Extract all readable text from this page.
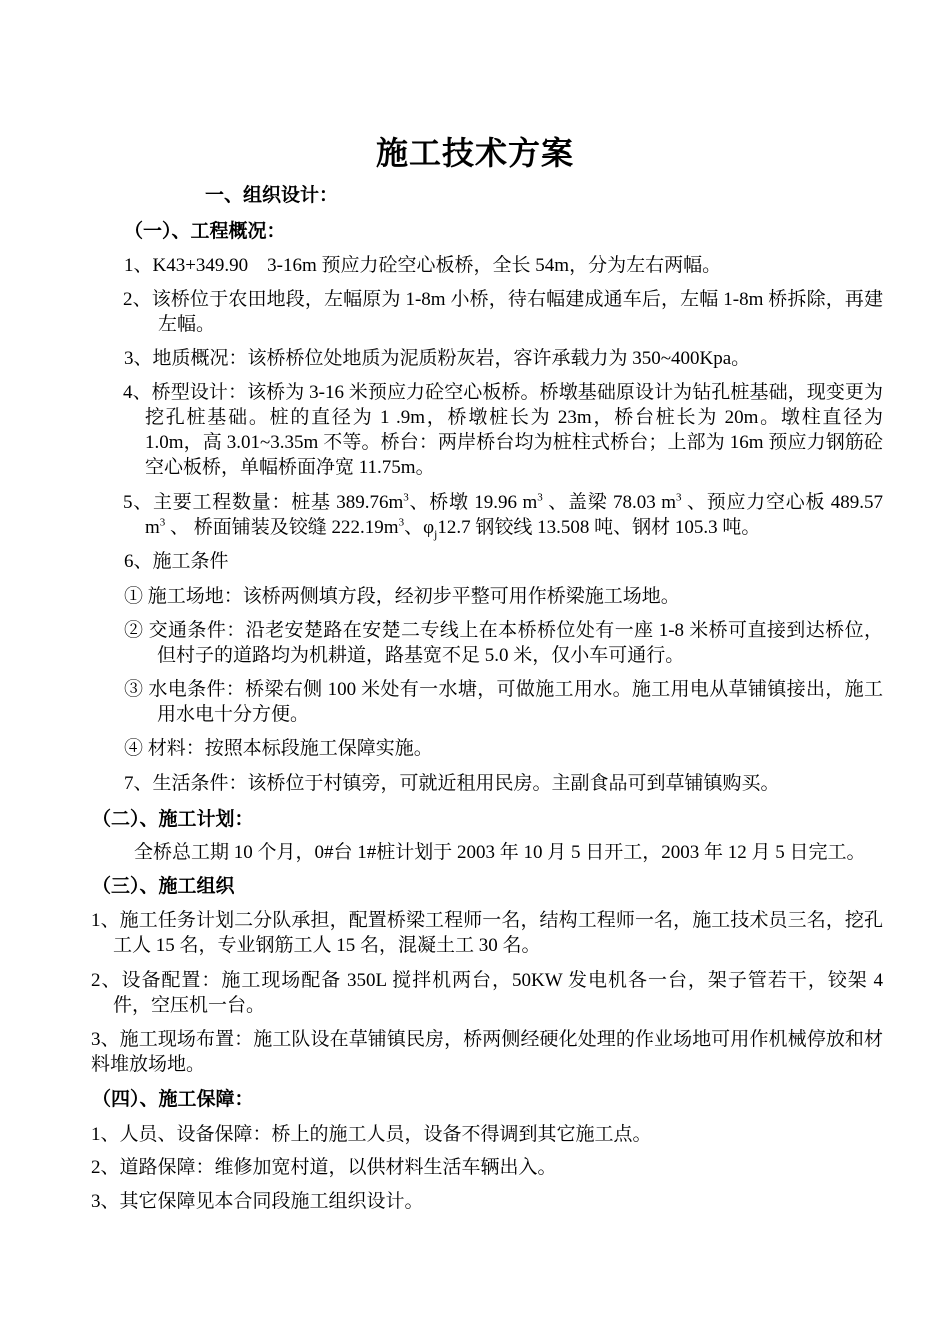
施工技术方案
一、组织设计：
（一）、工程概况：
1、K43+349.90　3-16m 预应力砼空心板桥，全长 54m，分为左右两幅。
2、该桥位于农田地段，左幅原为 1-8m 小桥，待右幅建成通车后，左幅 1-8m 桥拆除，再建左幅。
3、地质概况：该桥桥位处地质为泥质粉灰岩，容许承载力为 350~400Kpa。
4、桥型设计：该桥为 3-16 米预应力砼空心板桥。桥墩基础原设计为钻孔桩基础，现变更为挖孔桩基础。桩的直径为 1 .9m，桥墩桩长为 23m，桥台桩长为 20m。墩柱直径为 1.0m，高 3.01~3.35m 不等。桥台：两岸桥台均为桩柱式桥台；上部为 16m 预应力钢筋砼空心板桥，单幅桥面净宽 11.75m。
5、主要工程数量：桩基 $389.76m^3$、桥墩 19.96 $m^3$ 、盖梁 78.03 $m^3$ 、预应力空心板 489.57 $m^3$ 、 桥面铺装及铰缝 $222.19m^3$、$\varphi_j12.7$ 钢铰线 13.508 吨、钢材 105.3 吨。
6、施工条件
① 施工场地：该桥两侧填方段，经初步平整可用作桥梁施工场地。
② 交通条件：沿老安楚路在安楚二专线上在本桥桥位处有一座 1-8 米桥可直接到达桥位，但村子的道路均为机耕道，路基宽不足 5.0 米，仅小车可通行。
③ 水电条件：桥梁右侧 100 米处有一水塘，可做施工用水。施工用电从草铺镇接出，施工用水电十分方便。
④ 材料：按照本标段施工保障实施。
7、生活条件：该桥位于村镇旁，可就近租用民房。主副食品可到草铺镇购买。
（二）、施工计划：
全桥总工期 10 个月，0#台 1#桩计划于 2003 年 10 月 5 日开工，2003 年 12 月 5 日完工。
（三）、施工组织
1、施工任务计划二分队承担，配置桥梁工程师一名，结构工程师一名，施工技术员三名，挖孔工人 15 名，专业钢筋工人 15 名，混凝土工 30 名。
2、设备配置：施工现场配备 350L 搅拌机两台，50KW 发电机各一台，架子管若干，铰架 4 件，空压机一台。
3、施工现场布置：施工队设在草铺镇民房，桥两侧经硬化处理的作业场地可用作机械停放和材料堆放场地。
（四）、施工保障：
1、人员、设备保障：桥上的施工人员，设备不得调到其它施工点。
2、道路保障：维修加宽村道，以供材料生活车辆出入。
3、其它保障见本合同段施工组织设计。
